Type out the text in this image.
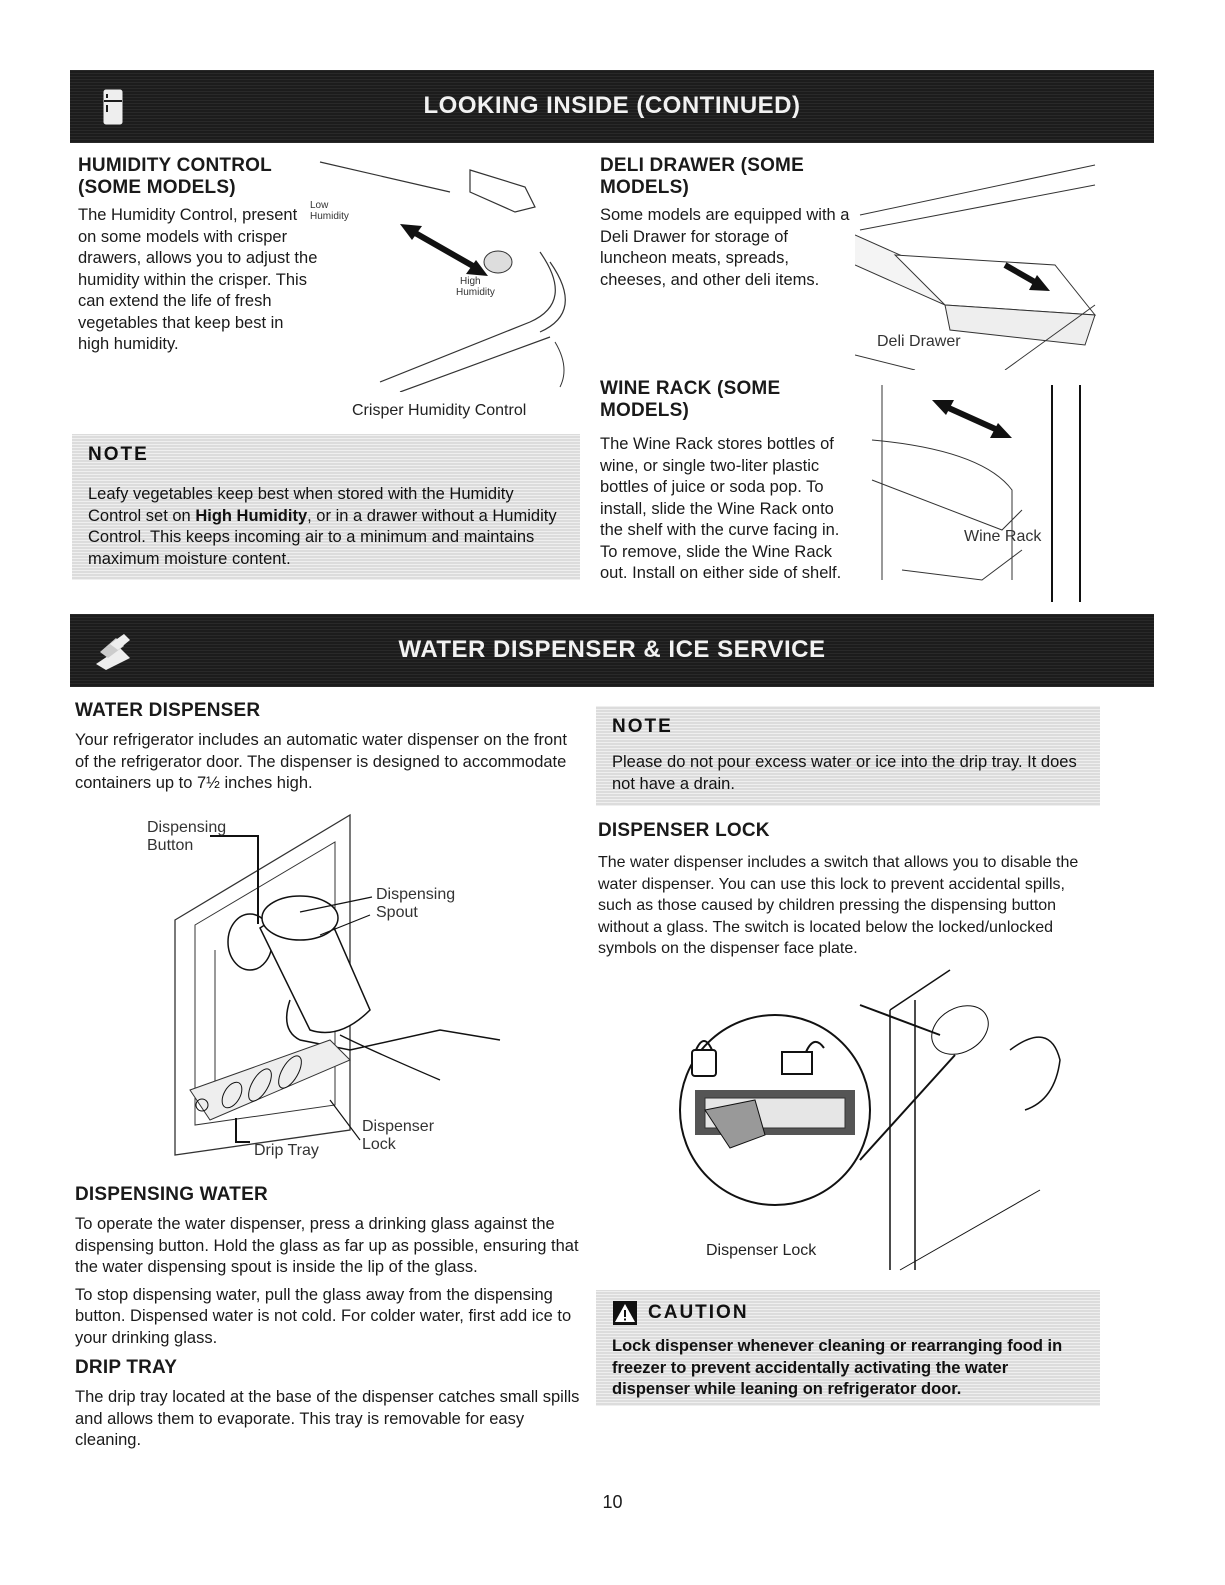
LOOKING INSIDE (CONTINUED)
HUMIDITY CONTROL
(SOME MODELS)

The Humidity Control, present on some models with crisper drawers, allows you to adjust the humidity within the crisper. This can extend the life of fresh vegetables that keep best in high humidity.

Low
Humidity
High
Humidity
Crisper Humidity Control
NOTE
Leafy vegetables keep best when stored with the Humidity Control set on High Humidity, or in a drawer without a Humidity Control. This keeps incoming air to a minimum and maintains maximum moisture content.
DELI DRAWER (SOME
MODELS)

Some models are equipped with a Deli Drawer for storage of luncheon meats, spreads, cheeses, and other deli items.

Deli Drawer
WINE RACK (SOME
MODELS)

The Wine Rack stores bottles of wine, or single two-liter plastic bottles of juice or soda pop. To install, slide the Wine Rack onto the shelf with the curve facing in. To remove, slide the Wine Rack out. Install on either side of shelf.

Wine Rack
WATER DISPENSER & ICE SERVICE
WATER DISPENSER

Your refrigerator includes an automatic water dispenser on the front of the refrigerator door. The dispenser is designed to accommodate containers up to 7½ inches high.

Dispensing
Button
Dispensing
Spout
Dispenser
Lock
Drip Tray
DISPENSING WATER

To operate the water dispenser, press a drinking glass against the dispensing button. Hold the glass as far up as possible, ensuring that the water dispensing spout is inside the lip of the glass.

To stop dispensing water, pull the glass away from the dispensing button. Dispensed water is not cold. For colder water, first add ice to your drinking glass.

DRIP TRAY

The drip tray located at the base of the dispenser catches small spills and allows them to evaporate. This tray is removable for easy cleaning.

NOTE
Please do not pour excess water or ice into the drip tray. It does not have a drain.
DISPENSER LOCK

The water dispenser includes a switch that allows you to disable the water dispenser. You can use this lock to prevent accidental spills, such as those caused by children pressing the dispensing button without a glass. The switch is located below the locked/unlocked symbols on the dispenser face plate.

Dispenser Lock
CAUTION
Lock dispenser whenever cleaning or rearranging food in freezer to prevent accidentally activating the water dispenser while leaning on refrigerator door.
10
